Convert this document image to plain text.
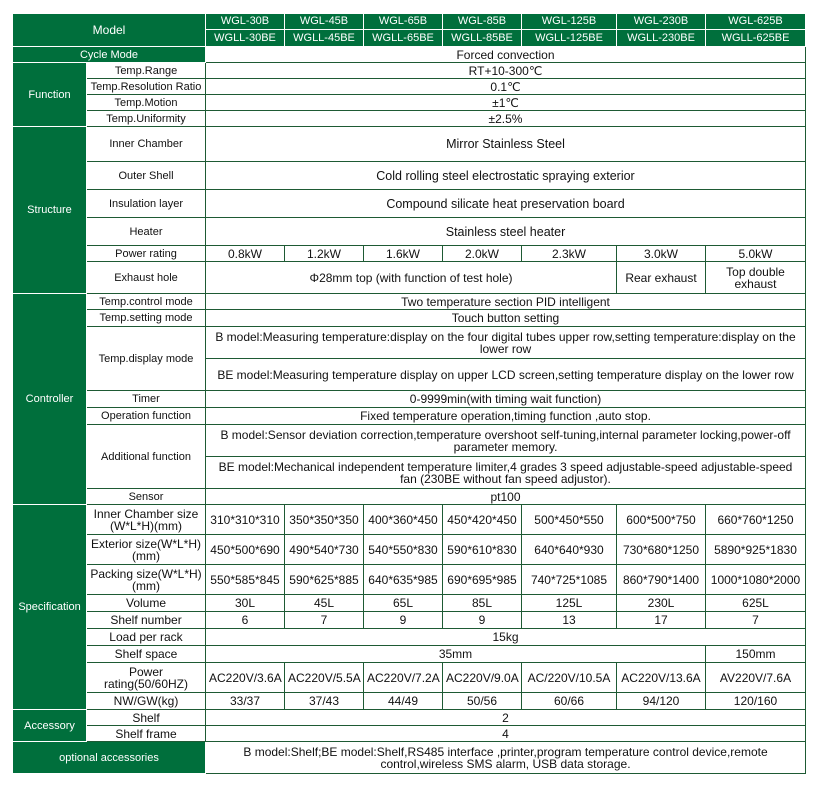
Model		WGL-30B	WGL-45B	WGL-65B	WGL-85B	WGL-125B	WGL-230B	WGL-625B
		WGLL-30BE	WGLL-45BE	WGLL-65BE	WGLL-85BE	WGLL-125BE	WGLL-230BE	WGLL-625BE
Cycle Mode		Forced convection						
Function	Temp.Range	RT+10-300℃						
	Temp.Resolution Ratio	0.1℃						
	Temp.Motion	±1℃						
	Temp.Uniformity	±2.5%						
Structure	Inner Chamber	Mirror Stainless Steel						
	Outer Shell	Cold rolling steel electrostatic spraying exterior						
	Insulation layer	Compound silicate heat preservation board						
	Heater	Stainless steel heater						
	Power rating	0.8kW	1.2kW	1.6kW	2.0kW	2.3kW	3.0kW	5.0kW
	Exhaust hole	Φ28mm top (with function of test hole)					Rear exhaust	Top double exhaust
Controller	Temp.control mode	Two temperature section PID intelligent						
	Temp.setting mode	Touch button setting						
	Temp.display mode	B model:Measuring temperature:display on the four digital tubes upper row,setting temperature:display on the lower row						
		BE model:Measuring temperature display on upper LCD screen,setting temperature display on the lower row						
	Timer	0-9999min(with timing wait function)						
	Operation function	Fixed temperature operation,timing function ,auto stop.						
	Additional function	B model:Sensor deviation correction,temperature overshoot self-tuning,internal parameter locking,power-off parameter memory.						
		BE model:Mechanical independent temperature limiter,4 grades 3 speed adjustable-speed adjustable-speed fan (230BE without fan speed adjustor).						
	Sensor	pt100						
Specification	Inner Chamber size (W*L*H)(mm)	310*310*310	350*350*350	400*360*450	450*420*450	500*450*550	600*500*750	660*760*1250
	Exterior size(W*L*H) (mm)	450*500*690	490*540*730	540*550*830	590*610*830	640*640*930	730*680*1250	5890*925*1830
	Packing size(W*L*H)(mm)	550*585*845	590*625*885	640*635*985	690*695*985	740*725*1085	860*790*1400	1000*1080*2000
	Volume	30L	45L	65L	85L	125L	230L	625L
	Shelf number	6	7	9	9	13	17	7
	Load per rack	15kg						
	Shelf space	35mm						150mm
	Power rating(50/60HZ)	AC220V/3.6A	AC220V/5.5A	AC220V/7.2A	AC220V/9.0A	AC/220V/10.5A	AC220V/13.6A	AV220V/7.6A
	NW/GW(kg)	33/37	37/43	44/49	50/56	60/66	94/120	120/160
Accessory	Shelf	2						
	Shelf frame	4						
optional accessories		B model:Shelf;BE model:Shelf,RS485 interface ,printer,program temperature control device,remote control,wireless SMS alarm, USB data storage.						
